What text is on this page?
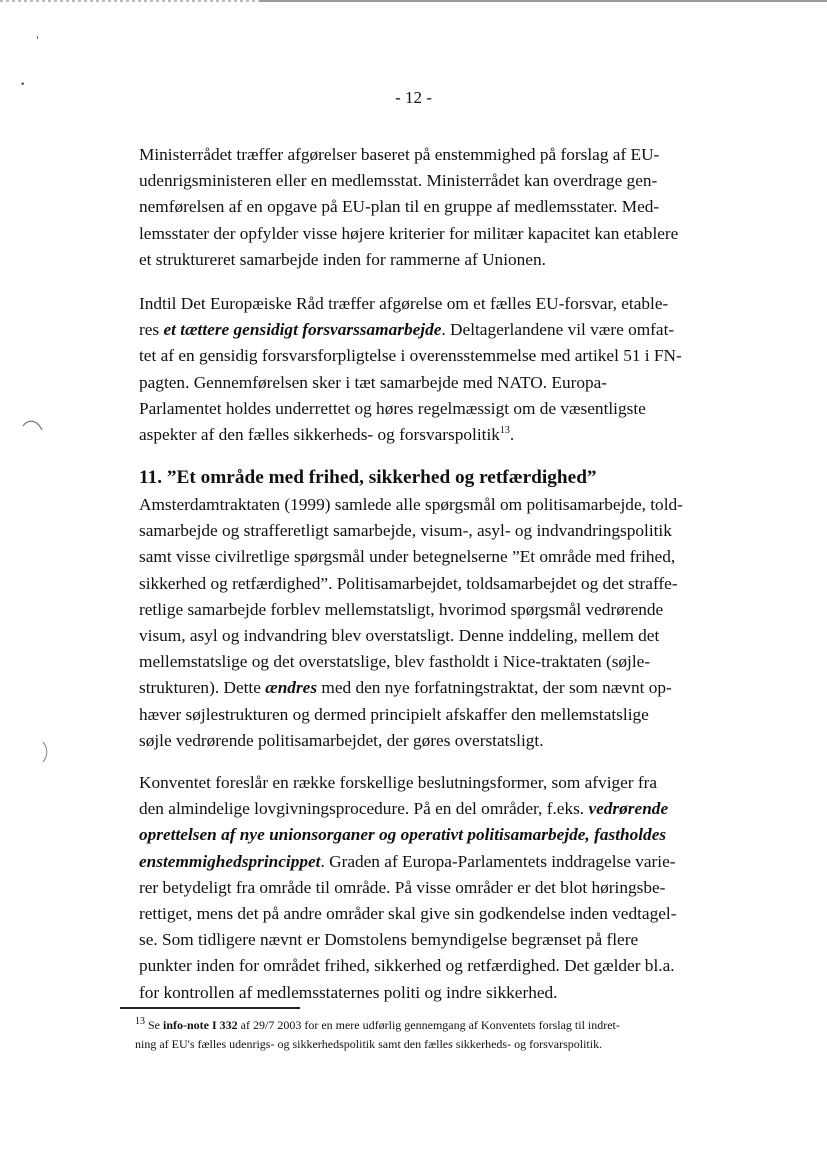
'
•
- 12 -
Ministerrådet træffer afgørelser baseret på enstemmighed på forslag af EU-
udenrigsministeren eller en medlemsstat. Ministerrådet kan overdrage gen-
nemførelsen af en opgave på EU-plan til en gruppe af medlemsstater. Med-
lemsstater der opfylder visse højere kriterier for militær kapacitet kan etablere
et struktureret samarbejde inden for rammerne af Unionen.
Indtil Det Europæiske Råd træffer afgørelse om et fælles EU-forsvar, etable-
res et tættere gensidigt forsvarssamarbejde. Deltagerlandene vil være omfat-
tet af en gensidig forsvarsforpligtelse i overensstemmelse med artikel 51 i FN-
pagten. Gennemførelsen sker i tæt samarbejde med NATO. Europa-
Parlamentet holdes underrettet og høres regelmæssigt om de væsentligste
aspekter af den fælles sikkerheds- og forsvarspolitik$^{13}$.
11. ”Et område med frihed, sikkerhed og retfærdighed”
Amsterdamtraktaten (1999) samlede alle spørgsmål om politisamarbejde, told-
samarbejde og strafferetligt samarbejde, visum-, asyl- og indvandringspolitik
samt visse civilretlige spørgsmål under betegnelserne ”Et område med frihed,
sikkerhed og retfærdighed”. Politisamarbejdet, toldsamarbejdet og det straffe-
retlige samarbejde forblev mellemstatsligt, hvorimod spørgsmål vedrørende
visum, asyl og indvandring blev overstatsligt. Denne inddeling, mellem det
mellemstatslige og det overstatslige, blev fastholdt i Nice-traktaten (søjle-
strukturen). Dette ændres med den nye forfatningstraktat, der som nævnt op-
hæver søjlestrukturen og dermed principielt afskaffer den mellemstatslige
søjle vedrørende politisamarbejdet, der gøres overstatsligt.
Konventet foreslår en række forskellige beslutningsformer, som afviger fra
den almindelige lovgivningsprocedure. På en del områder, f.eks. vedrørende
oprettelsen af nye unionsorganer og operativt politisamarbejde, fastholdes
enstemmighedsprincippet. Graden af Europa-Parlamentets inddragelse varie-
rer betydeligt fra område til område. På visse områder er det blot høringsbe-
rettiget, mens det på andre områder skal give sin godkendelse inden vedtagel-
se. Som tidligere nævnt er Domstolens bemyndigelse begrænset på flere
punkter inden for området frihed, sikkerhed og retfærdighed. Det gælder bl.a.
for kontrollen af medlemsstaternes politi og indre sikkerhed.

$^{13}$ Se info-note I 332 af 29/7 2003 for en mere udførlig gennemgang af Konventets forslag til indret-
ning af EU's fælles udenrigs- og sikkerhedspolitik samt den fælles sikkerheds- og forsvarspolitik.
